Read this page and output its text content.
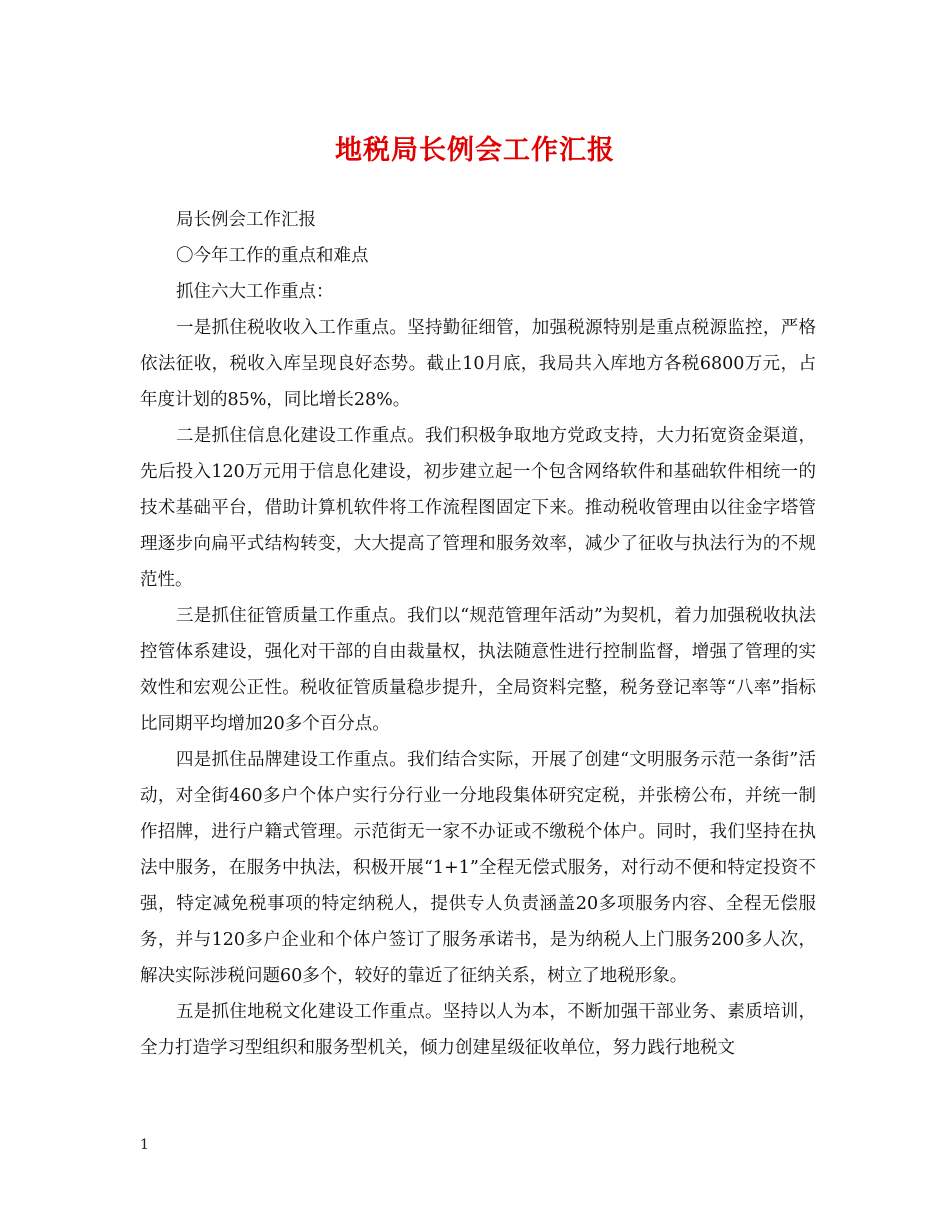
地税局长例会工作汇报

局长例会工作汇报

〇今年工作的重点和难点

抓住六大工作重点：

一是抓住税收收入工作重点。坚持勤征细管，加强税源特别是重点税源监控，严格依法征收，税收入库呈现良好态势。截止10月底，我局共入库地方各税6800万元，占年度计划的85%，同比增长28%。

二是抓住信息化建设工作重点。我们积极争取地方党政支持，大力拓宽资金渠道，先后投入120万元用于信息化建设，初步建立起一个包含网络软件和基础软件相统一的技术基础平台，借助计算机软件将工作流程图固定下来。推动税收管理由以往金字塔管理逐步向扁平式结构转变，大大提高了管理和服务效率，减少了征收与执法行为的不规范性。

三是抓住征管质量工作重点。我们以“规范管理年活动”为契机，着力加强税收执法控管体系建设，强化对干部的自由裁量权，执法随意性进行控制监督，增强了管理的实效性和宏观公正性。税收征管质量稳步提升，全局资料完整，税务登记率等“八率”指标比同期平均增加20多个百分点。

四是抓住品牌建设工作重点。我们结合实际，开展了创建“文明服务示范一条街”活动，对全街460多户个体户实行分行业一分地段集体研究定税，并张榜公布，并统一制作招牌，进行户籍式管理。示范街无一家不办证或不缴税个体户。同时，我们坚持在执法中服务，在服务中执法，积极开展“1+1”全程无偿式服务，对行动不便和特定投资不强，特定减免税事项的特定纳税人，提供专人负责涵盖20多项服务内容、全程无偿服务，并与120多户企业和个体户签订了服务承诺书，是为纳税人上门服务200多人次，解决实际涉税问题60多个，较好的靠近了征纳关系，树立了地税形象。

五是抓住地税文化建设工作重点。坚持以人为本，不断加强干部业务、素质培训，全力打造学习型组织和服务型机关，倾力创建星级征收单位，努力践行地税文

1
